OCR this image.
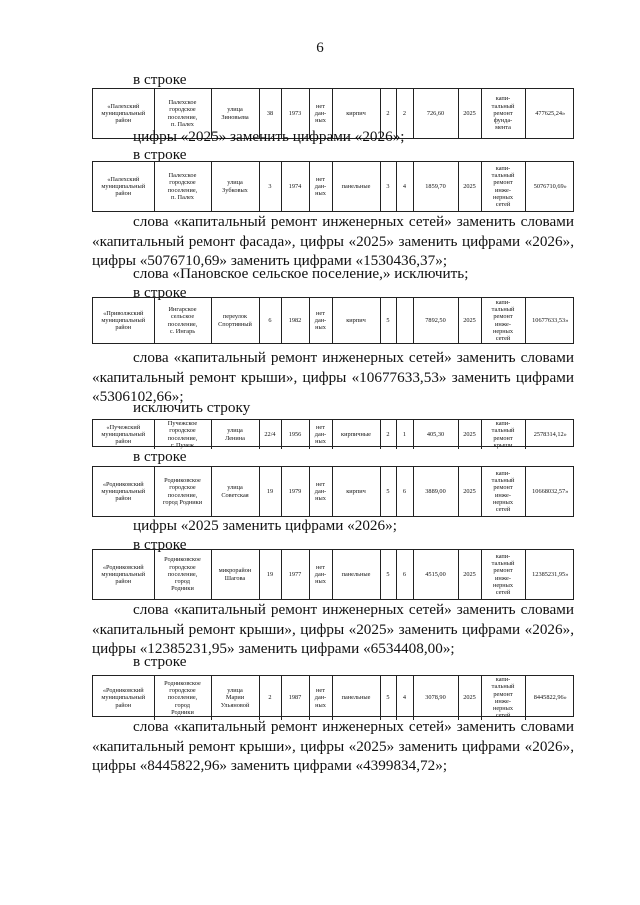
6
в строке
«Палехский
муниципальный
район	Палехское
городское
поселение,
п. Палех	улица
Зиновьева	38	1973	нет
дан-
ных	кирпич	2	2	726,60	2025	капи-
тальный
ремонт
фунда-
мента	477625,24»
цифры «2025» заменить цифрами «2026»;
в строке
«Палехский
муниципальный
район	Палехское
городское
поселение,
п. Палех	улица
Зубковых	3	1974	нет
дан-
ных	панельные	3	4	1859,70	2025	капи-
тальный
ремонт
инже-
нерных
сетей	5076710,69»
слова «капитальный ремонт инженерных сетей» заменить словами
«капитальный ремонт фасада», цифры «2025» заменить цифрами «2026»,
цифры «5076710,69» заменить цифрами «1530436,37»;
слова «Пановское сельское поселение,» исключить;
в строке
«Приволжский
муниципальный
район	Ингарское
сельское
поселение,
с. Ингарь	переулок
Спортивный	6	1982	нет
дан-
ных	кирпич	5		7892,50	2025	капи-
тальный
ремонт
инже-
нерных
сетей	10677633,53»
слова «капитальный ремонт инженерных сетей» заменить словами
«капитальный ремонт крыши», цифры «10677633,53» заменить цифрами
«5306102,66»;
исключить строку
«Пучежский
муниципальный
район	Пучежское
городское
поселение,
г. Пучеж	улица
Ленина	22/4	1956	нет
дан-
ных	кирпичные	2	1	405,30	2025	капи-
тальный
ремонт
крыши	2578314,12»
в строке
«Родниковский
муниципальный
район	Родниковское
городское
поселение,
город Родники	улица
Советская	19	1979	нет
дан-
ных	кирпич	5	6	3889,00	2025	капи-
тальный
ремонт
инже-
нерных
сетей	10668032,57»
цифры «2025 заменить цифрами «2026»;
в строке
«Родниковский
муниципальный
район	Родниковское
городское
поселение,
город
Родники	микрорайон
Шагова	19	1977	нет
дан-
ных	панельные	5	6	4515,00	2025	капи-
тальный
ремонт
инже-
нерных
сетей	12385231,95»
слова «капитальный ремонт инженерных сетей» заменить словами
«капитальный ремонт крыши», цифры «2025» заменить цифрами «2026»,
цифры «12385231,95» заменить цифрами «6534408,00»;
в строке
«Родниковский
муниципальный
район	Родниковское
городское
поселение,
город
Родники	улица
Марии
Ульяновой	2	1987	нет
дан-
ных	панельные	5	4	3078,90	2025	капи-
тальный
ремонт
инже-
нерных
сетей	8445822,96»
слова «капитальный ремонт инженерных сетей» заменить словами
«капитальный ремонт крыши», цифры «2025» заменить цифрами «2026»,
цифры «8445822,96» заменить цифрами «4399834,72»;
